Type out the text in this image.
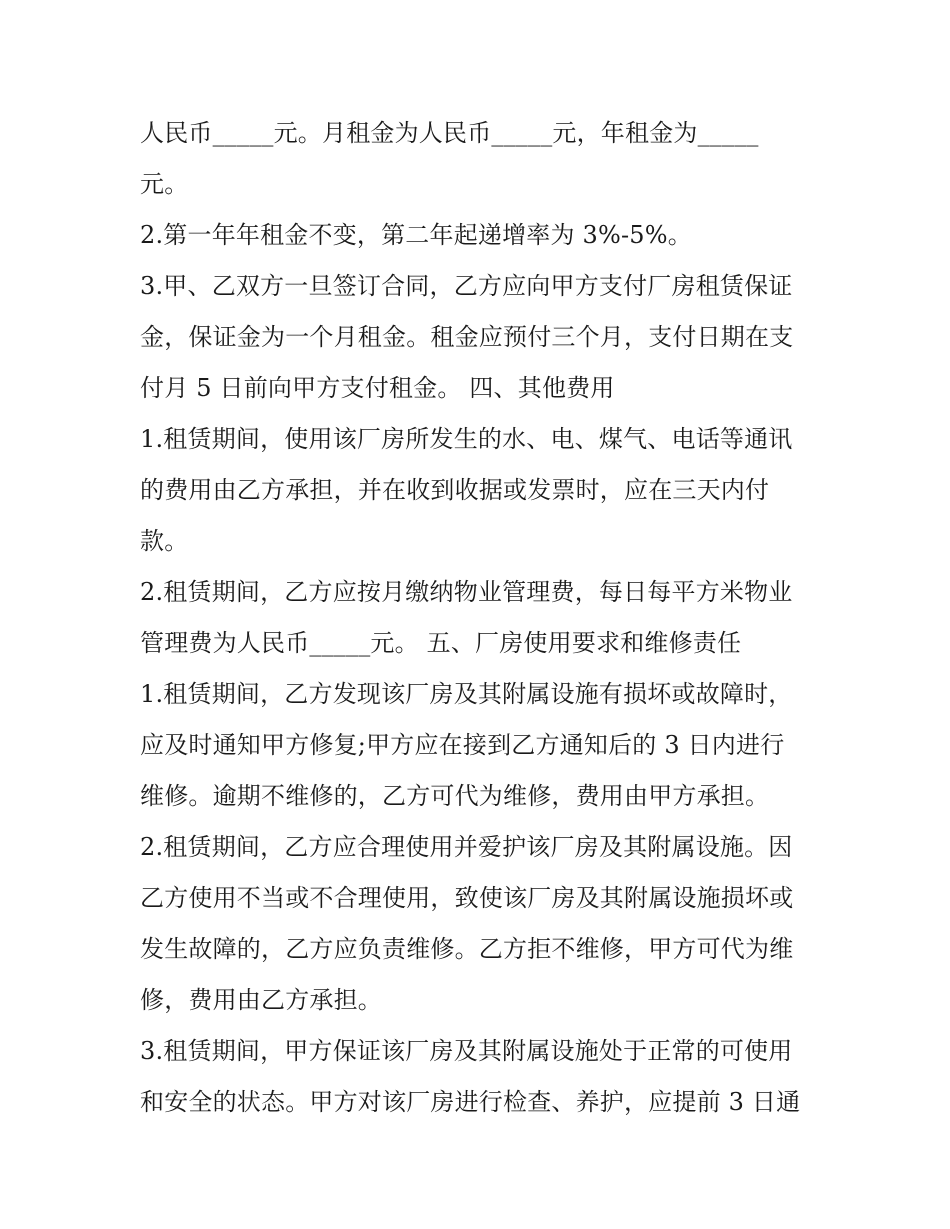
人民币_____元。月租金为人民币_____元，年租金为_____
元。
2.第一年年租金不变，第二年起递增率为 3%-5%。
3.甲、乙双方一旦签订合同，乙方应向甲方支付厂房租赁保证
金，保证金为一个月租金。租金应预付三个月，支付日期在支
付月 5 日前向甲方支付租金。 四、其他费用
1.租赁期间，使用该厂房所发生的水、电、煤气、电话等通讯
的费用由乙方承担，并在收到收据或发票时，应在三天内付
款。
2.租赁期间，乙方应按月缴纳物业管理费，每日每平方米物业
管理费为人民币_____元。 五、厂房使用要求和维修责任
1.租赁期间，乙方发现该厂房及其附属设施有损坏或故障时，
应及时通知甲方修复;甲方应在接到乙方通知后的 3 日内进行
维修。逾期不维修的，乙方可代为维修，费用由甲方承担。
2.租赁期间，乙方应合理使用并爱护该厂房及其附属设施。因
乙方使用不当或不合理使用，致使该厂房及其附属设施损坏或
发生故障的，乙方应负责维修。乙方拒不维修，甲方可代为维
修，费用由乙方承担。
3.租赁期间，甲方保证该厂房及其附属设施处于正常的可使用
和安全的状态。甲方对该厂房进行检查、养护，应提前 3 日通
